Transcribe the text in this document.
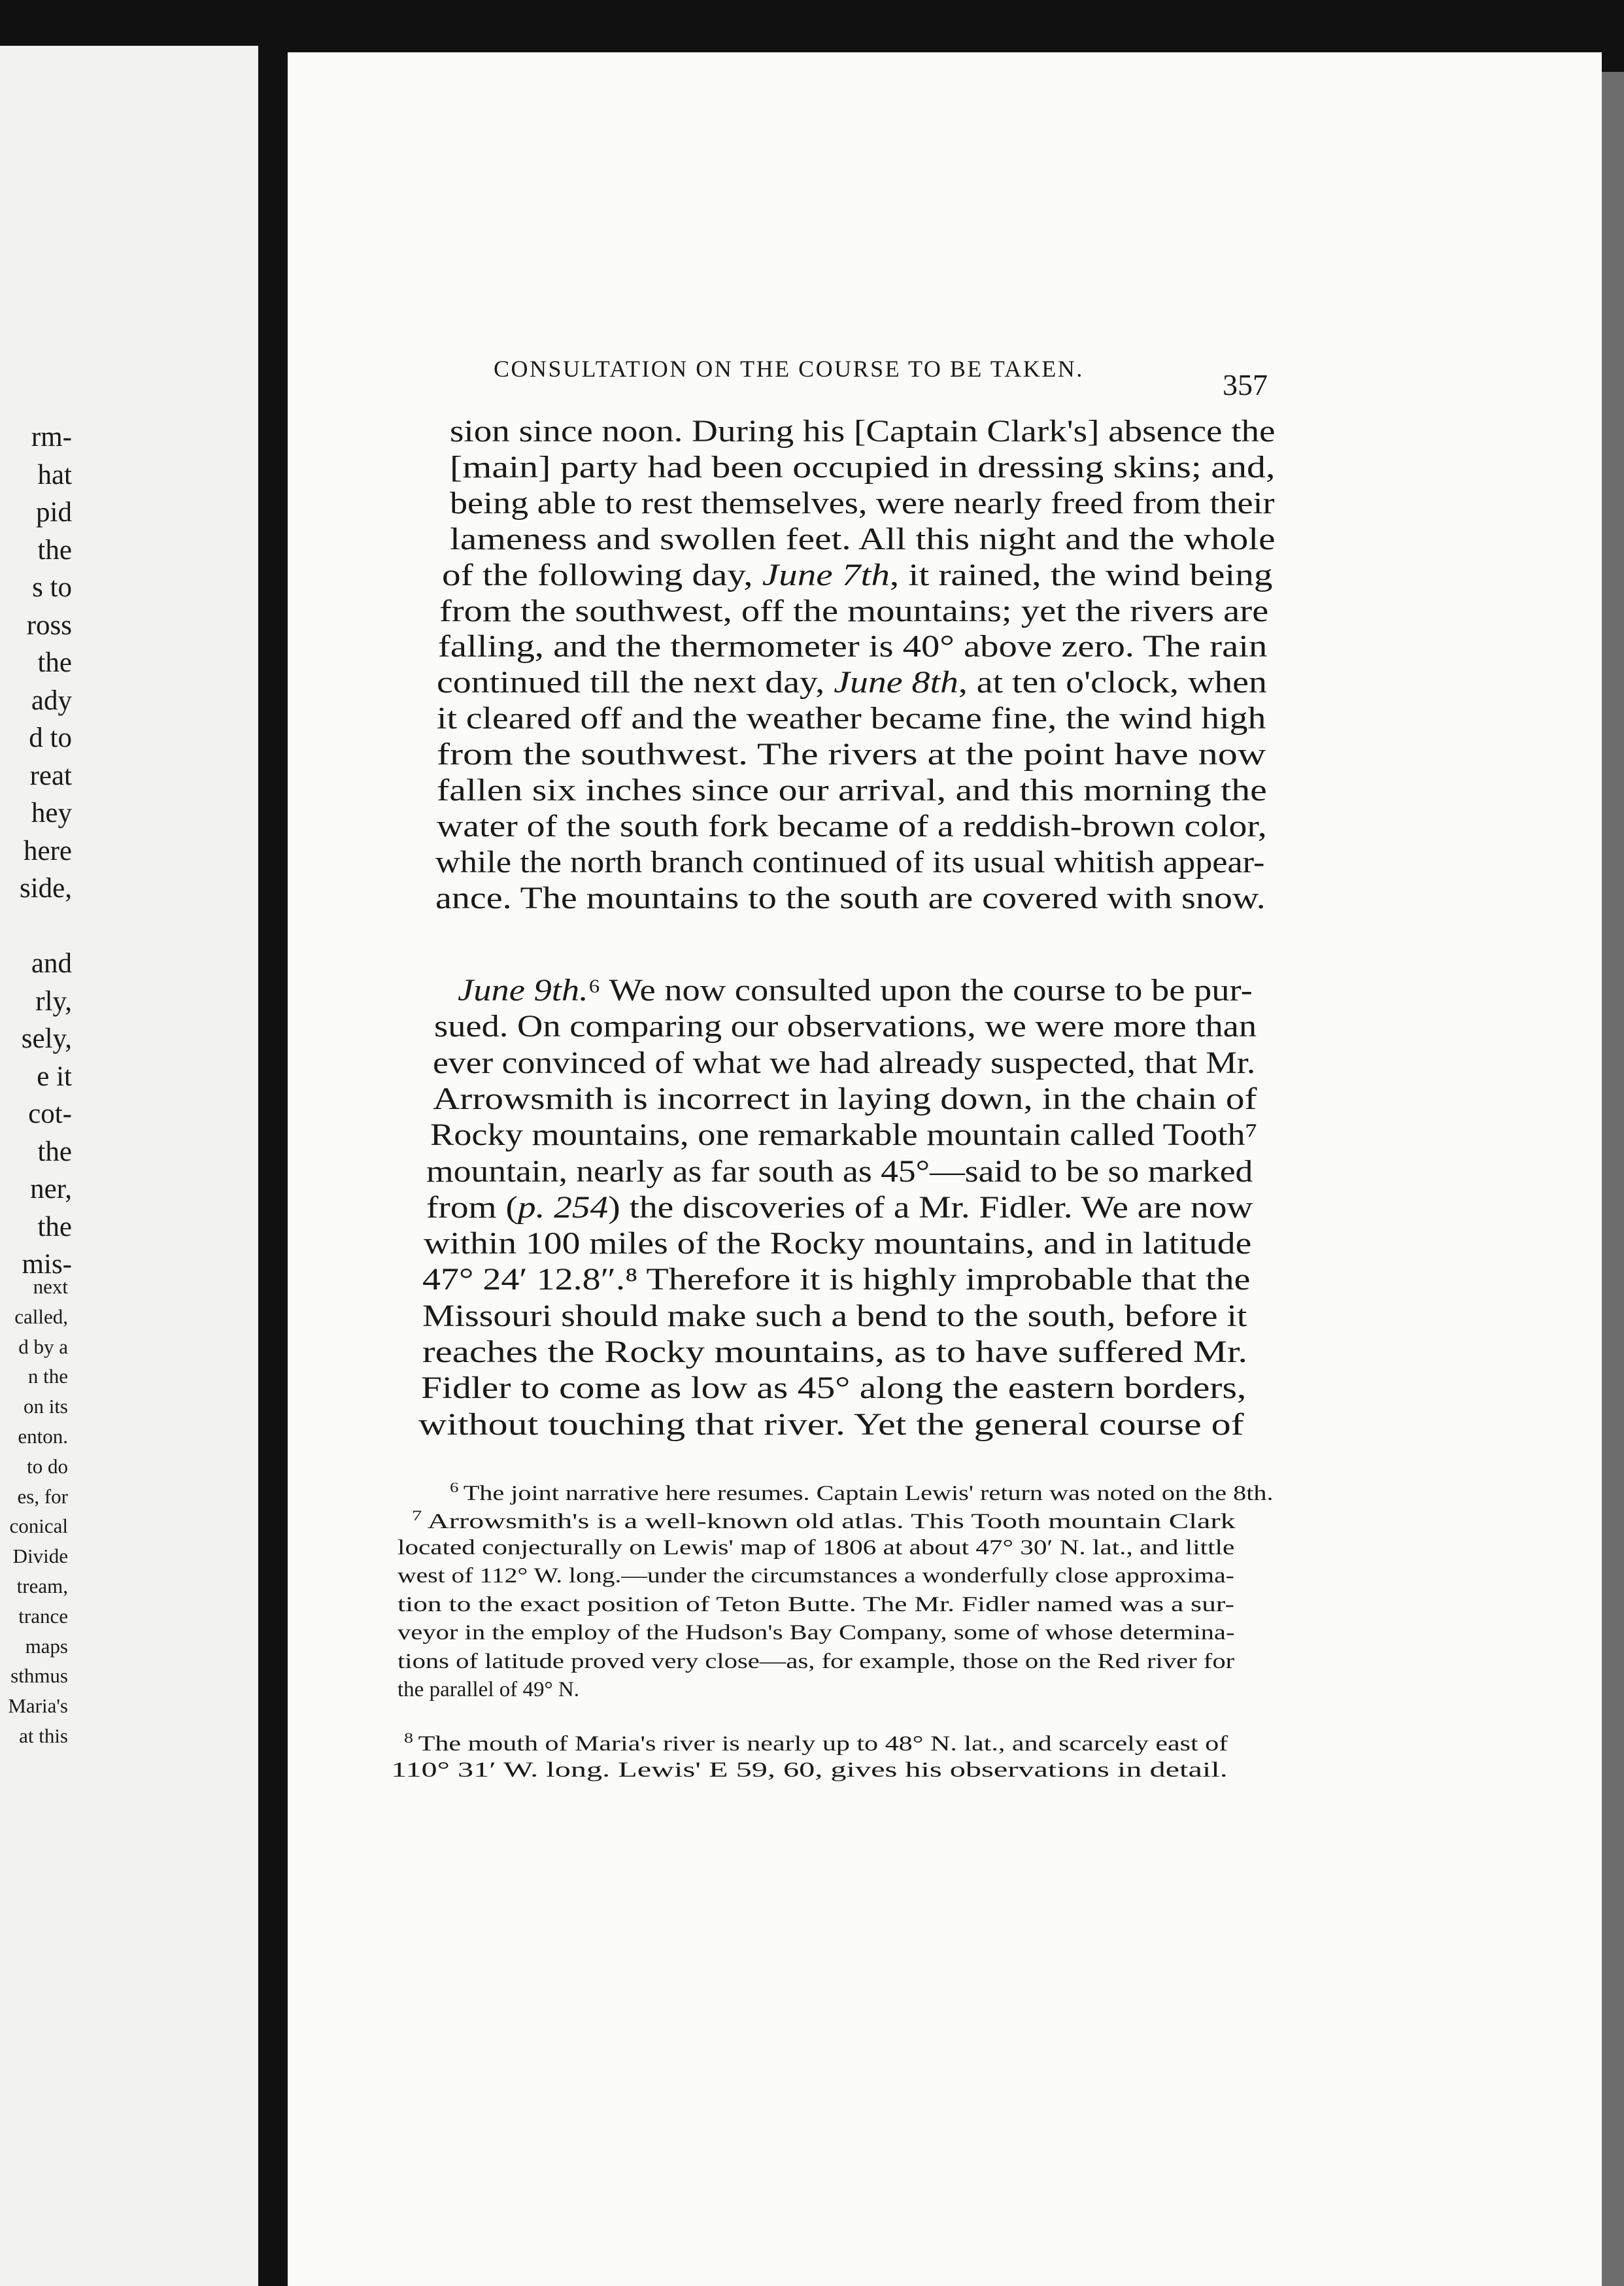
CONSULTATION ON THE COURSE TO BE TAKEN.	357
rm-
hat
pid
the
s to
ross
the
ady
d to
reat
hey
here
side,
and
rly,
sely,
e it
cot-
the
ner,
the
mis-
next
called,
d by a
n the
on its
enton.
to do
es, for
conical
Divide
tream,
trance
maps
sthmus
Maria's
at this
sion since noon. During his [Captain Clark's] absence the
[main] party had been occupied in dressing skins; and,
being able to rest themselves, were nearly freed from their
lameness and swollen feet. All this night and the whole
of the following day, June 7th, it rained, the wind being
from the southwest, off the mountains; yet the rivers are
falling, and the thermometer is 40° above zero. The rain
continued till the next day, June 8th, at ten o'clock, when
it cleared off and the weather became fine, the wind high
from the southwest. The rivers at the point have now
fallen six inches since our arrival, and this morning the
water of the south fork became of a reddish-brown color,
while the north branch continued of its usual whitish appear-
ance. The mountains to the south are covered with snow.
June 9th.⁶ We now consulted upon the course to be pur-
sued. On comparing our observations, we were more than
ever convinced of what we had already suspected, that Mr.
Arrowsmith is incorrect in laying down, in the chain of
Rocky mountains, one remarkable mountain called Tooth⁷
mountain, nearly as far south as 45°—said to be so marked
from (p. 254) the discoveries of a Mr. Fidler. We are now
within 100 miles of the Rocky mountains, and in latitude
47° 24′ 12.8″.⁸ Therefore it is highly improbable that the
Missouri should make such a bend to the south, before it
reaches the Rocky mountains, as to have suffered Mr.
Fidler to come as low as 45° along the eastern borders,
without touching that river. Yet the general course of
$^6$ The joint narrative here resumes. Captain Lewis' return was noted on the 8th.
$^7$ Arrowsmith's is a well-known old atlas. This Tooth mountain Clark
located conjecturally on Lewis' map of 1806 at about 47° 30′ N. lat., and little
west of 112° W. long.—under the circumstances a wonderfully close approxima-
tion to the exact position of Teton Butte. The Mr. Fidler named was a sur-
veyor in the employ of the Hudson's Bay Company, some of whose determina-
tions of latitude proved very close—as, for example, those on the Red river for
the parallel of 49° N.
$^8$ The mouth of Maria's river is nearly up to 48° N. lat., and scarcely east of
110° 31′ W. long. Lewis' E 59, 60, gives his observations in detail.
